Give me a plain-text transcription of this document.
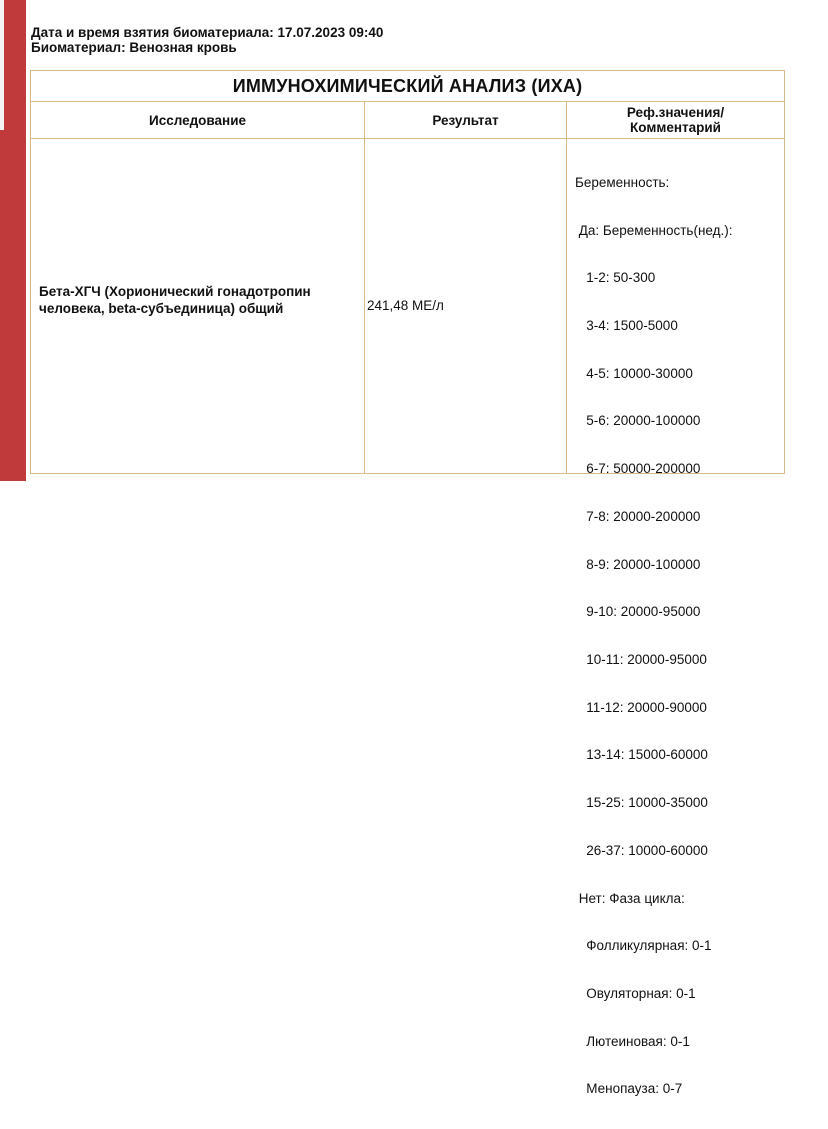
Дата и время взятия биоматериала: 17.07.2023 09:40
Биоматериал: Венозная кровь
ИММУНОХИМИЧЕСКИЙ АНАЛИЗ (ИХА)
Исследование	Результат	Реф.значения/
Комментарий
Бета-ХГЧ (Хорионический гонадотропин
человека, beta-субъединица) общий	241,48 МЕ/л

Беременность:

Да: Беременность(нед.):

1-2: 50-300

3-4: 1500-5000

4-5: 10000-30000

5-6: 20000-100000

6-7: 50000-200000

7-8: 20000-200000

8-9: 20000-100000

9-10: 20000-95000

10-11: 20000-95000

11-12: 20000-90000

13-14: 15000-60000

15-25: 10000-35000

26-37: 10000-60000

Нет: Фаза цикла:

Фолликулярная: 0-1

Овуляторная: 0-1

Лютеиновая: 0-1

Менопауза: 0-7
